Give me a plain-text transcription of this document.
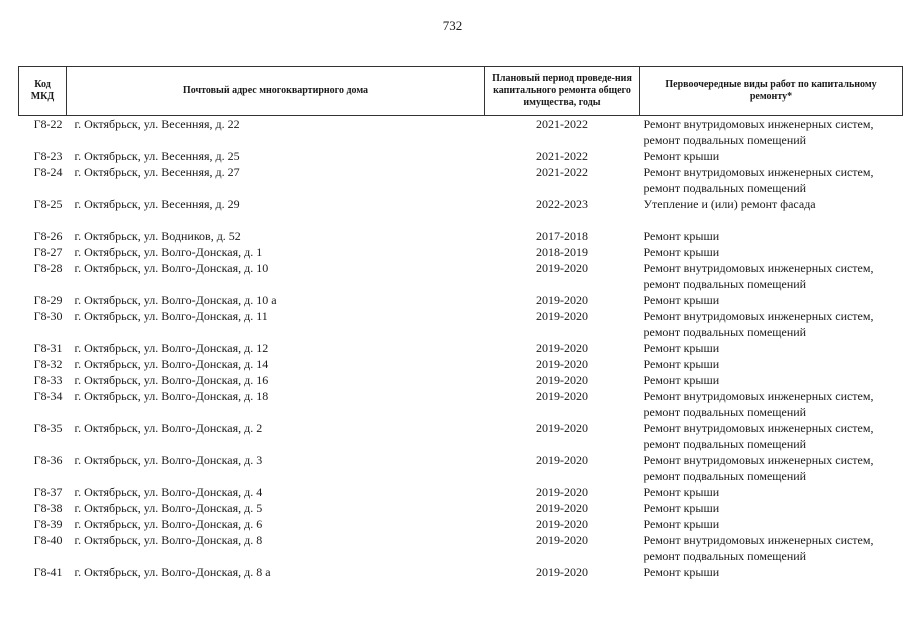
732
Код МКД	Почтовый адрес многоквартирного дома	Плановый период проведе-ния капитального ремонта общего имущества, годы	Первоочередные виды работ по капитальному ремонту*
Г8-22	г. Октябрьск, ул. Весенняя, д. 22	2021-2022	Ремонт внутридомовых инженерных систем, ремонт подвальных помещений
Г8-23	г. Октябрьск, ул. Весенняя, д. 25	2021-2022	Ремонт крыши
Г8-24	г. Октябрьск, ул. Весенняя, д. 27	2021-2022	Ремонт внутридомовых инженерных систем, ремонт подвальных помещений
Г8-25	г. Октябрьск, ул. Весенняя, д. 29	2022-2023	Утепление и (или) ремонт фасада
Г8-26	г. Октябрьск, ул. Водников, д. 52	2017-2018	Ремонт крыши
Г8-27	г. Октябрьск, ул. Волго-Донская, д. 1	2018-2019	Ремонт крыши
Г8-28	г. Октябрьск, ул. Волго-Донская, д. 10	2019-2020	Ремонт внутридомовых инженерных систем, ремонт подвальных помещений
Г8-29	г. Октябрьск, ул. Волго-Донская, д. 10 а	2019-2020	Ремонт крыши
Г8-30	г. Октябрьск, ул. Волго-Донская, д. 11	2019-2020	Ремонт внутридомовых инженерных систем, ремонт подвальных помещений
Г8-31	г. Октябрьск, ул. Волго-Донская, д. 12	2019-2020	Ремонт крыши
Г8-32	г. Октябрьск, ул. Волго-Донская, д. 14	2019-2020	Ремонт крыши
Г8-33	г. Октябрьск, ул. Волго-Донская, д. 16	2019-2020	Ремонт крыши
Г8-34	г. Октябрьск, ул. Волго-Донская, д. 18	2019-2020	Ремонт внутридомовых инженерных систем, ремонт подвальных помещений
Г8-35	г. Октябрьск, ул. Волго-Донская, д. 2	2019-2020	Ремонт внутридомовых инженерных систем, ремонт подвальных помещений
Г8-36	г. Октябрьск, ул. Волго-Донская, д. 3	2019-2020	Ремонт внутридомовых инженерных систем, ремонт подвальных помещений
Г8-37	г. Октябрьск, ул. Волго-Донская, д. 4	2019-2020	Ремонт крыши
Г8-38	г. Октябрьск, ул. Волго-Донская, д. 5	2019-2020	Ремонт крыши
Г8-39	г. Октябрьск, ул. Волго-Донская, д. 6	2019-2020	Ремонт крыши
Г8-40	г. Октябрьск, ул. Волго-Донская, д. 8	2019-2020	Ремонт внутридомовых инженерных систем, ремонт подвальных помещений
Г8-41	г. Октябрьск, ул. Волго-Донская, д. 8 а	2019-2020	Ремонт крыши
